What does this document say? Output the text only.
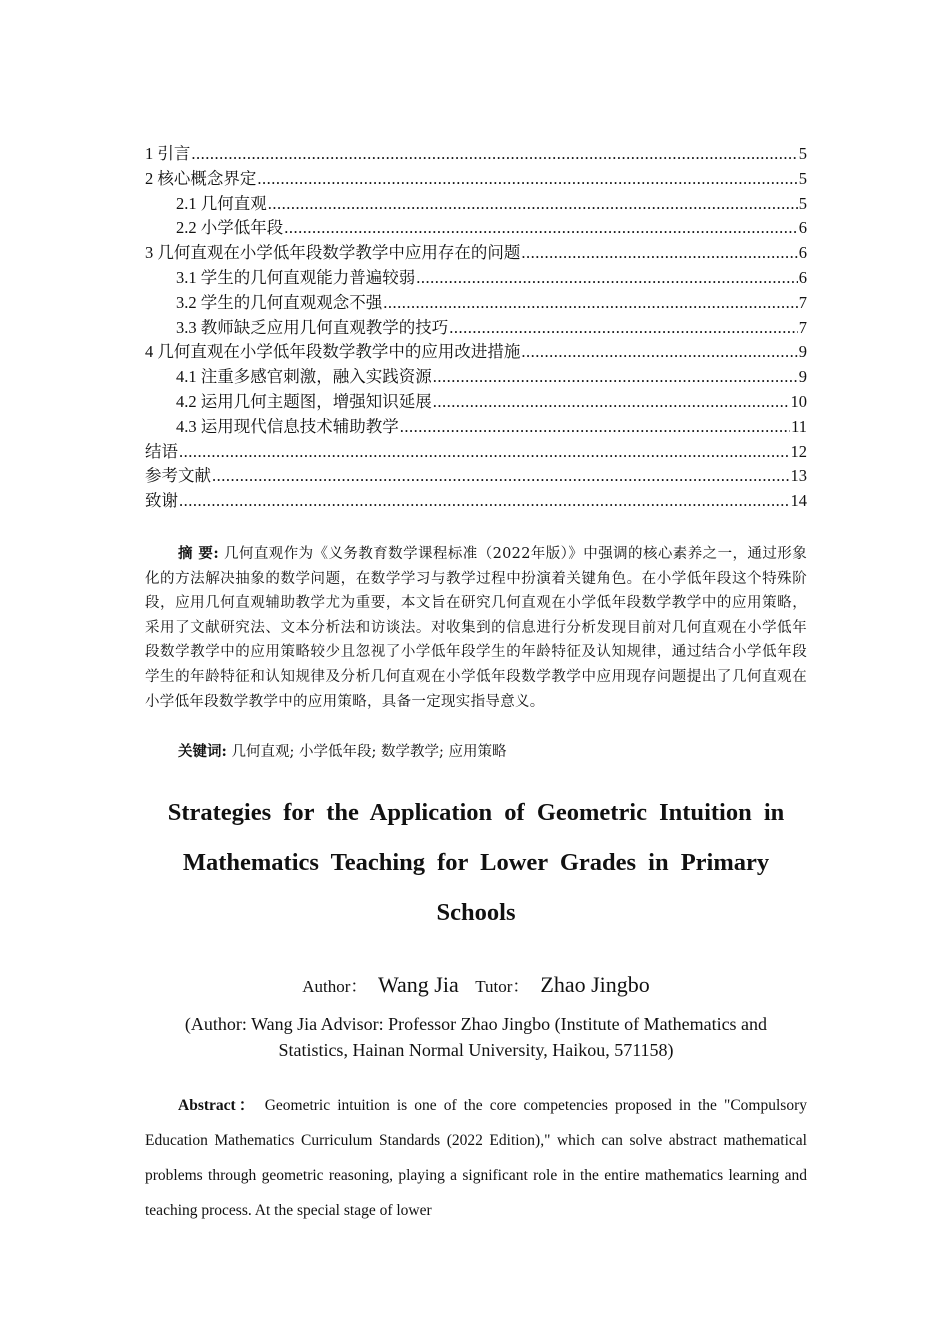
1 引言 .....	5
2 核心概念界定 .....	5
2.1 几何直观 .....	5
2.2 小学低年段 .....	6
3 几何直观在小学低年段数学教学中应用存在的问题 .....	6
3.1 学生的几何直观能力普遍较弱 .....	6
3.2 学生的几何直观观念不强 .....	7
3.3 教师缺乏应用几何直观教学的技巧 .....	7
4 几何直观在小学低年段数学教学中的应用改进措施 .....	9
4.1 注重多感官刺激，融入实践资源 .....	9
4.2 运用几何主题图，增强知识延展 .....	10
4.3 运用现代信息技术辅助教学 .....	11
结语 .....	12
参考文献 .....	13
致谢 .....	14

摘 要: 几何直观作为《义务教育数学课程标准（2022年版）》中强调的核心素养之一，通过形象化的方法解决抽象的数学问题，在数学学习与教学过程中扮演着关键角色。在小学低年段这个特殊阶段，应用几何直观辅助教学尤为重要，本文旨在研究几何直观在小学低年段数学教学中的应用策略，采用了文献研究法、文本分析法和访谈法。对收集到的信息进行分析发现目前对几何直观在小学低年段数学教学中的应用策略较少且忽视了小学低年段学生的年龄特征及认知规律，通过结合小学低年段学生的年龄特征和认知规律及分析几何直观在小学低年段数学教学中应用现存问题提出了几何直观在小学低年段数学教学中的应用策略，具备一定现实指导意义。

关键词: 几何直观; 小学低年段; 数学教学; 应用策略
Strategies for the Application of Geometric Intuition in Mathematics Teaching for Lower Grades in Primary Schools
Author： Wang Jia Tutor： Zhao Jingbo
(Author: Wang Jia Advisor: Professor Zhao Jingbo (Institute of Mathematics and Statistics, Hainan Normal University, Haikou, 571158)

Abstract： Geometric intuition is one of the core competencies proposed in the "Compulsory Education Mathematics Curriculum Standards (2022 Edition)," which can solve abstract mathematical problems through geometric reasoning, playing a significant role in the entire mathematics learning and teaching process. At the special stage of lower
